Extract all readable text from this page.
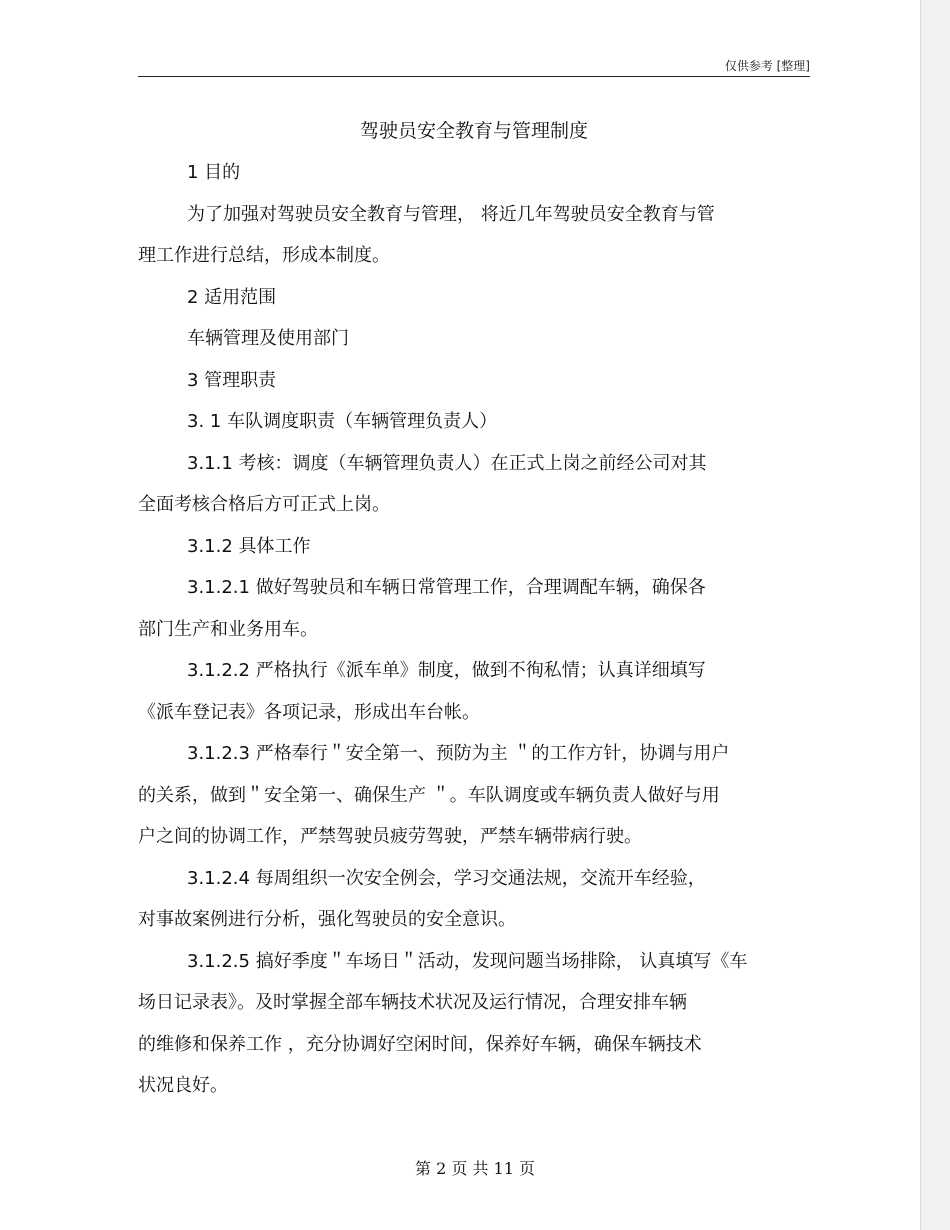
仅供参考 [整理]
驾驶员安全教育与管理制度

1 目的

为了加强对驾驶员安全教育与管理， 将近几年驾驶员安全教育与管

理工作进行总结，形成本制度。

2 适用范围

车辆管理及使用部门

3 管理职责

3. 1 车队调度职责（车辆管理负责人）

3.1.1 考核：调度（车辆管理负责人）在正式上岗之前经公司对其

全面考核合格后方可正式上岗。

3.1.2 具体工作

3.1.2.1 做好驾驶员和车辆日常管理工作，合理调配车辆，确保各

部门生产和业务用车。

3.1.2.2 严格执行《派车单》制度，做到不徇私情；认真详细填写

《派车登记表》各项记录，形成出车台帐。

3.1.2.3 严格奉行＂安全第一、预防为主 ＂的工作方针，协调与用户

的关系，做到＂安全第一、确保生产 ＂。车队调度或车辆负责人做好与用

户之间的协调工作，严禁驾驶员疲劳驾驶，严禁车辆带病行驶。

3.1.2.4 每周组织一次安全例会，学习交通法规，交流开车经验，

对事故案例进行分析，强化驾驶员的安全意识。

3.1.2.5 搞好季度＂车场日＂活动，发现问题当场排除， 认真填写《车

场日记录表》。及时掌握全部车辆技术状况及运行情况，合理安排车辆

的维修和保养工作 ，充分协调好空闲时间，保养好车辆，确保车辆技术

状况良好。

第 2 页 共 11 页
